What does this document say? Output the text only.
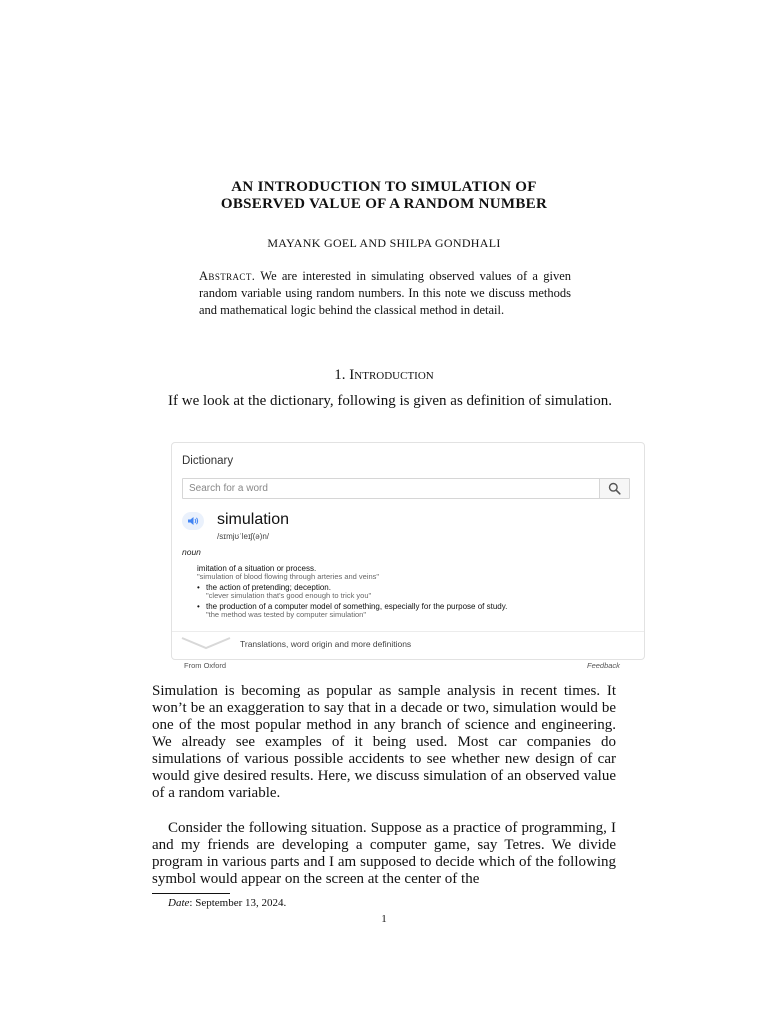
AN INTRODUCTION TO SIMULATION OF
OBSERVED VALUE OF A RANDOM NUMBER
MAYANK GOEL AND SHILPA GONDHALI
Abstract. We are interested in simulating observed values of a given random variable using random numbers. In this note we discuss methods and mathematical logic behind the classical method in detail.
1. Introduction
If we look at the dictionary, following is given as definition of simulation.
Dictionary
Search for a word
simulation
/sɪmjʊˈleɪʃ(ə)n/
noun
imitation of a situation or process.
"simulation of blood flowing through arteries and veins"
• the action of pretending; deception.
"clever simulation that's good enough to trick you"
• the production of a computer model of something, especially for the purpose of study.
"the method was tested by computer simulation"
Translations, word origin and more definitions
From Oxford	Feedback
Simulation is becoming as popular as sample analysis in recent times. It won’t be an exaggeration to say that in a decade or two, simulation would be one of the most popular method in any branch of science and engineering. We already see examples of it being used. Most car companies do simulations of various possible accidents to see whether new design of car would give desired results. Here, we discuss simulation of an observed value of a random variable.
Consider the following situation. Suppose as a practice of programming, I and my friends are developing a computer game, say Tetres. We divide program in various parts and I am supposed to decide which of the following symbol would appear on the screen at the center of the
Date: September 13, 2024.
1
